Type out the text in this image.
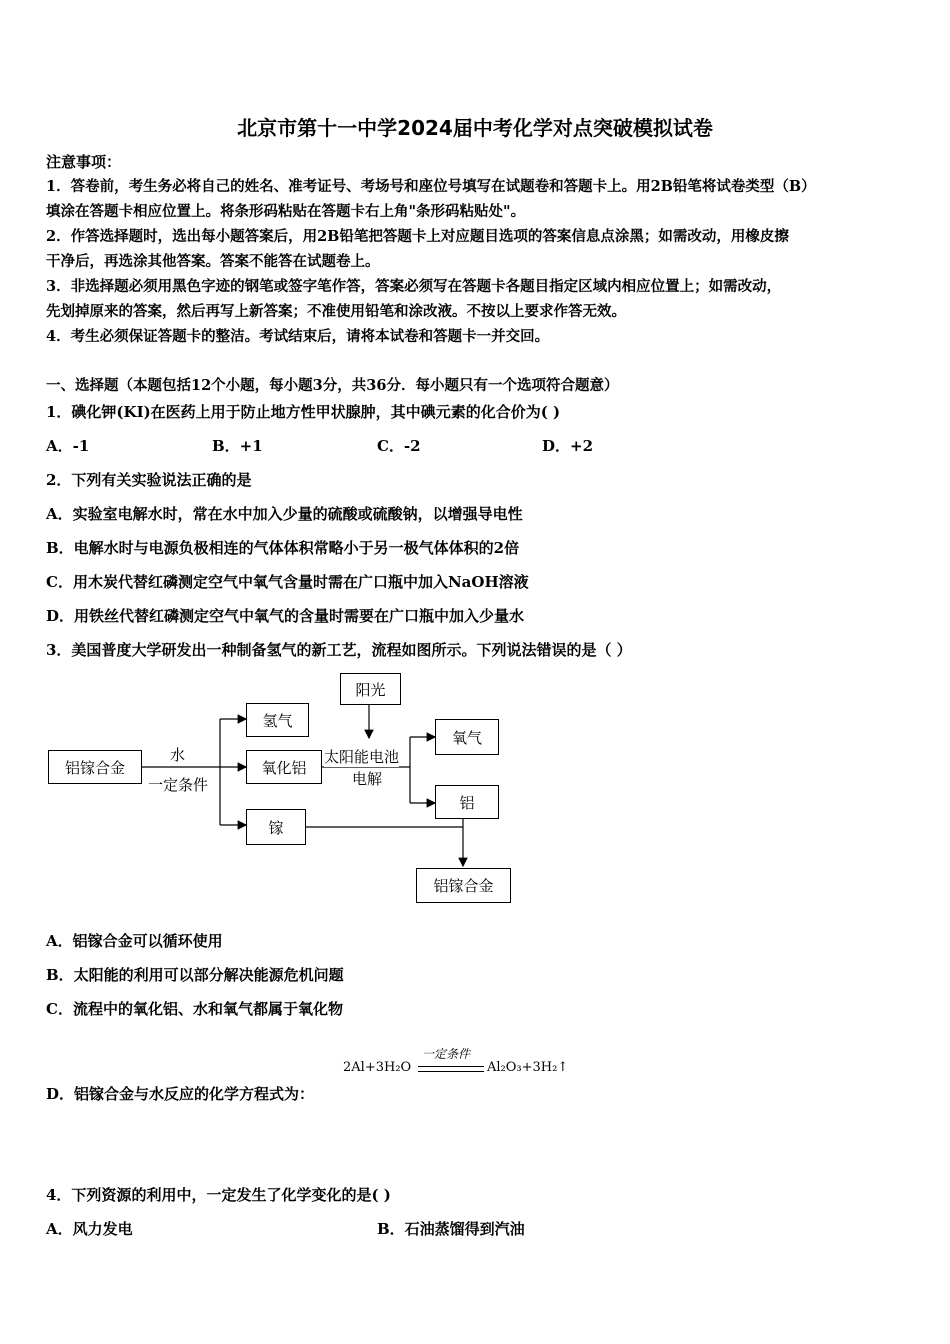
北京市第十一中学2024届中考化学对点突破模拟试卷
注意事项：
1．答卷前，考生务必将自己的姓名、准考证号、考场号和座位号填写在试题卷和答题卡上。用2B铅笔将试卷类型（B）
填涂在答题卡相应位置上。将条形码粘贴在答题卡右上角"条形码粘贴处"。
2．作答选择题时，选出每小题答案后，用2B铅笔把答题卡上对应题目选项的答案信息点涂黑；如需改动，用橡皮擦
干净后，再选涂其他答案。答案不能答在试题卷上。
3．非选择题必须用黑色字迹的钢笔或签字笔作答，答案必须写在答题卡各题目指定区域内相应位置上；如需改动，
先划掉原来的答案，然后再写上新答案；不准使用铅笔和涂改液。不按以上要求作答无效。
4．考生必须保证答题卡的整洁。考试结束后，请将本试卷和答题卡一并交回。
一、选择题（本题包括12个小题，每小题3分，共36分．每小题只有一个选项符合题意）
1．碘化钾(KI)在医药上用于防止地方性甲状腺肿，其中碘元素的化合价为( )
A．-1	B．+1	C．-2	D．+2
2．下列有关实验说法正确的是
A．实验室电解水时，常在水中加入少量的硫酸或硫酸钠，以增强导电性
B．电解水时与电源负极相连的气体体积常略小于另一极气体体积的2倍
C．用木炭代替红磷测定空气中氧气含量时需在广口瓶中加入NaOH溶液
D．用铁丝代替红磷测定空气中氧气的含量时需要在广口瓶中加入少量水
3．美国普度大学研发出一种制备氢气的新工艺，流程如图所示。下列说法错误的是（ ）
阳光
铝镓合金
水
一定条件
氢气
氧化铝
镓
太阳能电池
电解
氧气
铝
铝镓合金
A．铝镓合金可以循环使用
B．太阳能的利用可以部分解决能源危机问题
C．流程中的氧化铝、水和氧气都属于氧化物
2Al+3H₂O
一定条件
Al₂O₃+3H₂↑
D．铝镓合金与水反应的化学方程式为：
4．下列资源的利用中，一定发生了化学变化的是( )
A．风力发电	B．石油蒸馏得到汽油
